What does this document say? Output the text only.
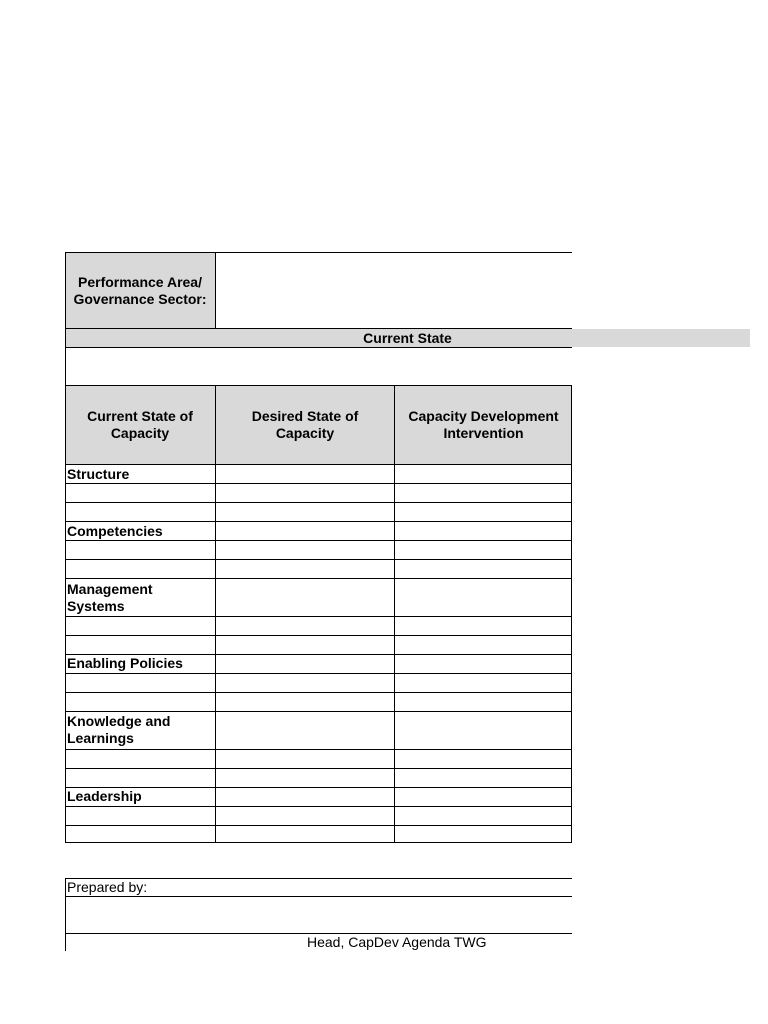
Performance Area/
Governance Sector:
Current State
Current State of
Capacity
Desired State of
Capacity
Capacity Development
Intervention
Structure
Competencies
Management
Systems
Enabling Policies
Knowledge and
Learnings
Leadership
Prepared by:
Head, CapDev Agenda TWG
